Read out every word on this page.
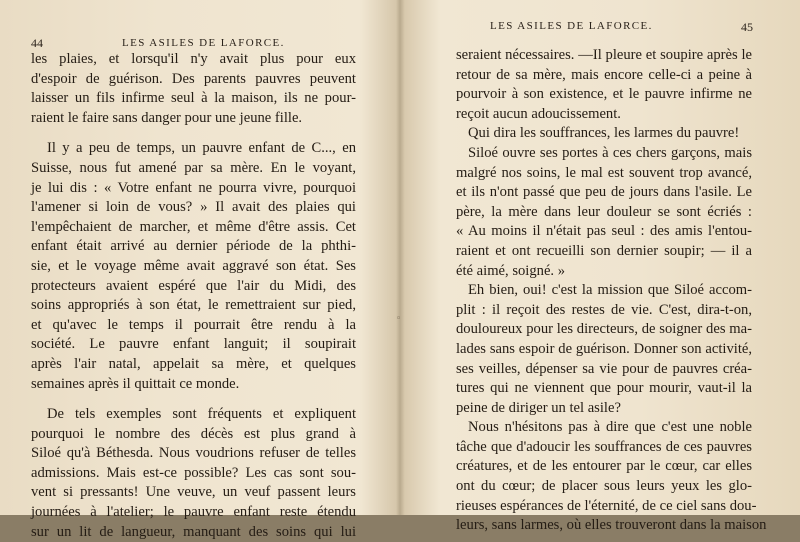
44	LES ASILES DE LAFORCE.
les plaies, et lorsqu'il n'y avait plus pour eux
d'espoir de guérison. Des parents pauvres peuvent
laisser un fils infirme seul à la maison, ils ne pour-
raient le faire sans danger pour une jeune fille.
Il y a peu de temps, un pauvre enfant de C..., en
Suisse, nous fut amené par sa mère. En le voyant,
je lui dis : « Votre enfant ne pourra vivre, pourquoi
l'amener si loin de vous? » Il avait des plaies qui
l'empêchaient de marcher, et même d'être assis. Cet
enfant était arrivé au dernier période de la phthi-
sie, et le voyage même avait aggravé son état. Ses
protecteurs avaient espéré que l'air du Midi, des
soins appropriés à son état, le remettraient sur pied,
et qu'avec le temps il pourrait être rendu à la
société. Le pauvre enfant languit; il soupirait
après l'air natal, appelait sa mère, et quelques
semaines après il quittait ce monde.
De tels exemples sont fréquents et expliquent
pourquoi le nombre des décès est plus grand à
Siloé qu'à Béthesda. Nous voudrions refuser de telles
admissions. Mais est-ce possible? Les cas sont sou-
vent si pressants! Une veuve, un veuf passent leurs
journées à l'atelier; le pauvre enfant reste étendu
sur un lit de langueur, manquant des soins qui lui
◦
LES ASILES DE LAFORCE.	45
seraient nécessaires. —Il pleure et soupire après le
retour de sa mère, mais encore celle-ci a peine à
pourvoir à son existence, et le pauvre infirme ne
reçoit aucun adoucissement.
Qui dira les souffrances, les larmes du pauvre!
Siloé ouvre ses portes à ces chers garçons, mais
malgré nos soins, le mal est souvent trop avancé,
et ils n'ont passé que peu de jours dans l'asile. Le
père, la mère dans leur douleur se sont écriés :
« Au moins il n'était pas seul : des amis l'entou-
raient et ont recueilli son dernier soupir; — il a
été aimé, soigné. »
Eh bien, oui! c'est la mission que Siloé accom-
plit : il reçoit des restes de vie. C'est, dira-t-on,
douloureux pour les directeurs, de soigner des ma-
lades sans espoir de guérison. Donner son activité,
ses veilles, dépenser sa vie pour de pauvres créa-
tures qui ne viennent que pour mourir, vaut-il la
peine de diriger un tel asile?
Nous n'hésitons pas à dire que c'est une noble
tâche que d'adoucir les souffrances de ces pauvres
créatures, et de les entourer par le cœur, car elles
ont du cœur; de placer sous leurs yeux les glo-
rieuses espérances de l'éternité, de ce ciel sans dou-
leurs, sans larmes, où elles trouveront dans la maison
